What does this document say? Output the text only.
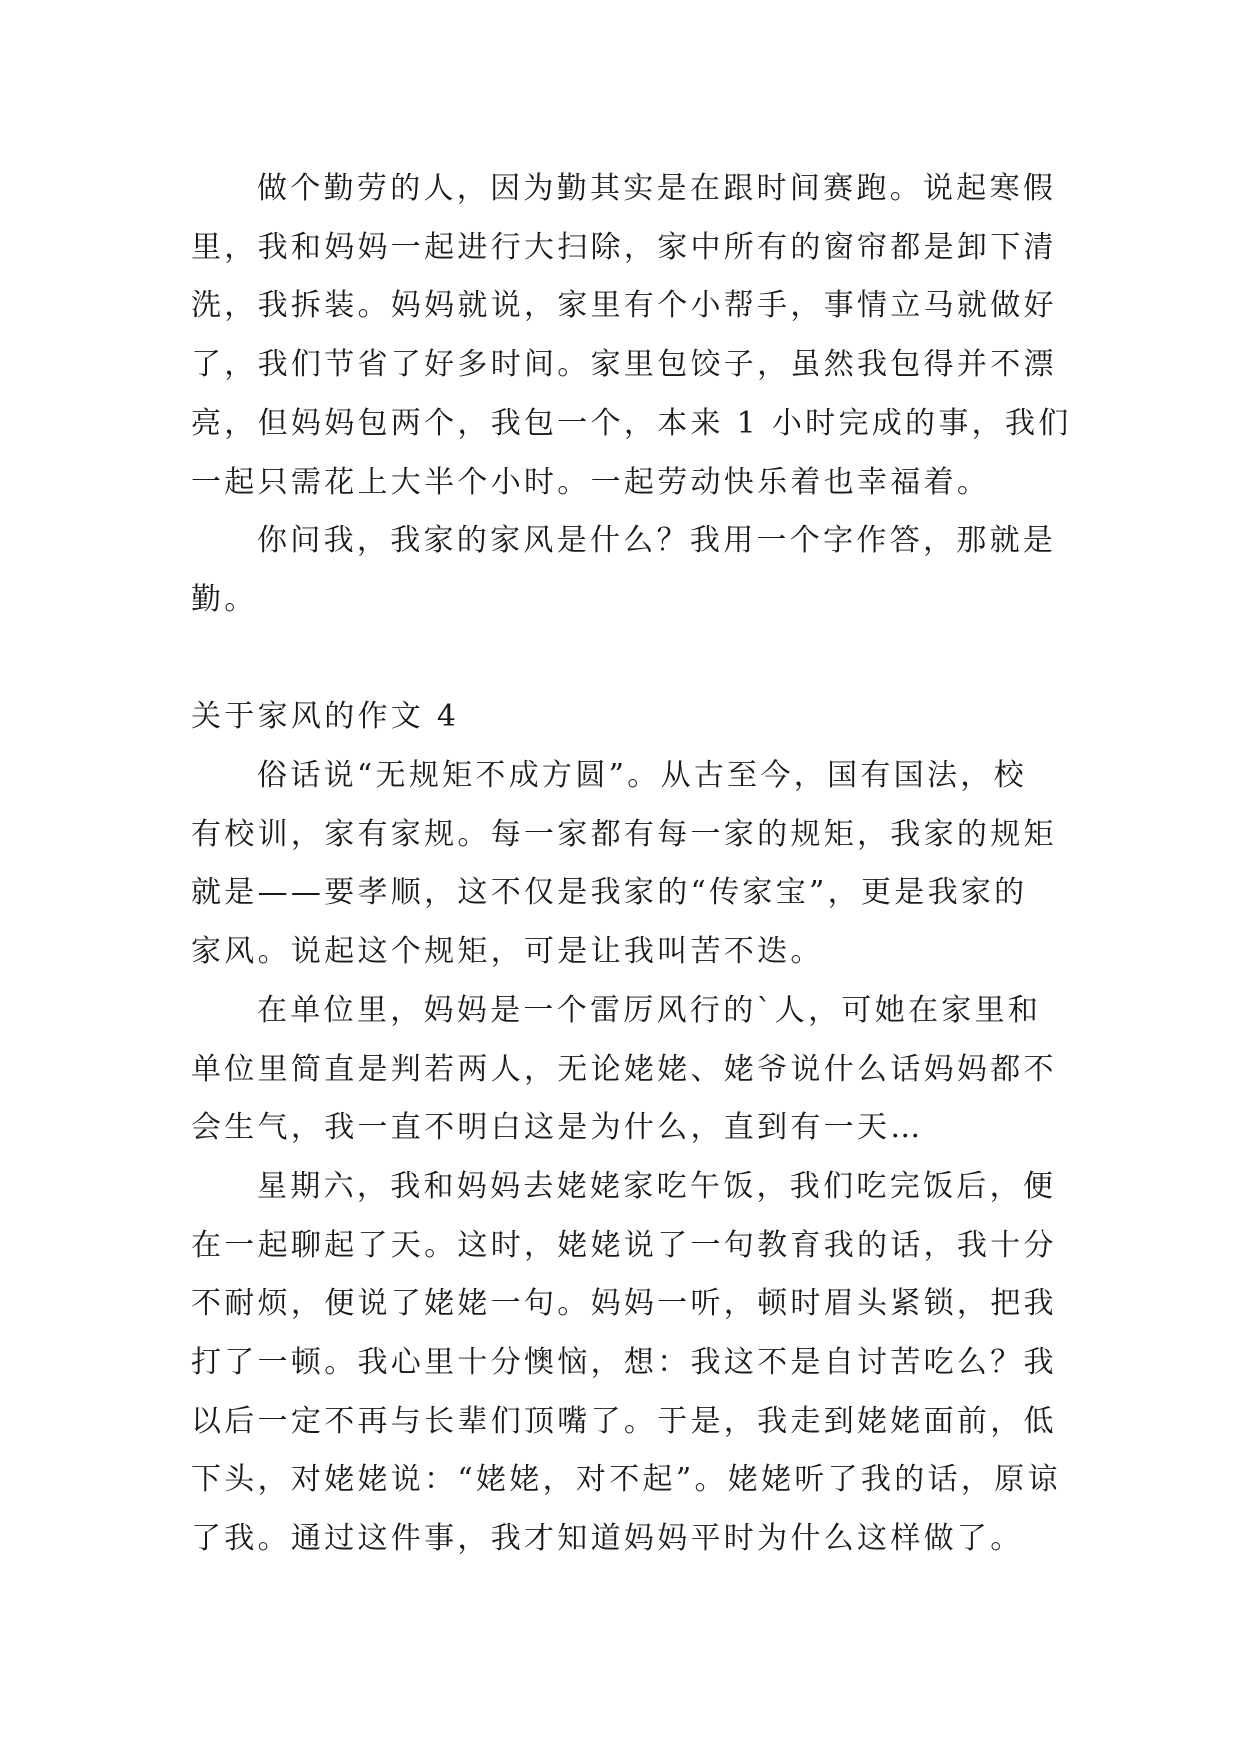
做个勤劳的人，因为勤其实是在跟时间赛跑。说起寒假
里，我和妈妈一起进行大扫除，家中所有的窗帘都是卸下清
洗，我拆装。妈妈就说，家里有个小帮手，事情立马就做好
了，我们节省了好多时间。家里包饺子，虽然我包得并不漂
亮，但妈妈包两个，我包一个，本来 1 小时完成的事，我们
一起只需花上大半个小时。一起劳动快乐着也幸福着。
你问我，我家的家风是什么？我用一个字作答，那就是
勤。
关于家风的作文 4
俗话说“无规矩不成方圆”。从古至今，国有国法，校
有校训，家有家规。每一家都有每一家的规矩，我家的规矩
就是——要孝顺，这不仅是我家的“传家宝”，更是我家的
家风。说起这个规矩，可是让我叫苦不迭。
在单位里，妈妈是一个雷厉风行的`人，可她在家里和
单位里简直是判若两人，无论姥姥、姥爷说什么话妈妈都不
会生气，我一直不明白这是为什么，直到有一天…
星期六，我和妈妈去姥姥家吃午饭，我们吃完饭后，便
在一起聊起了天。这时，姥姥说了一句教育我的话，我十分
不耐烦，便说了姥姥一句。妈妈一听，顿时眉头紧锁，把我
打了一顿。我心里十分懊恼，想：我这不是自讨苦吃么？我
以后一定不再与长辈们顶嘴了。于是，我走到姥姥面前，低
下头，对姥姥说：“姥姥，对不起”。姥姥听了我的话，原谅
了我。通过这件事，我才知道妈妈平时为什么这样做了。
